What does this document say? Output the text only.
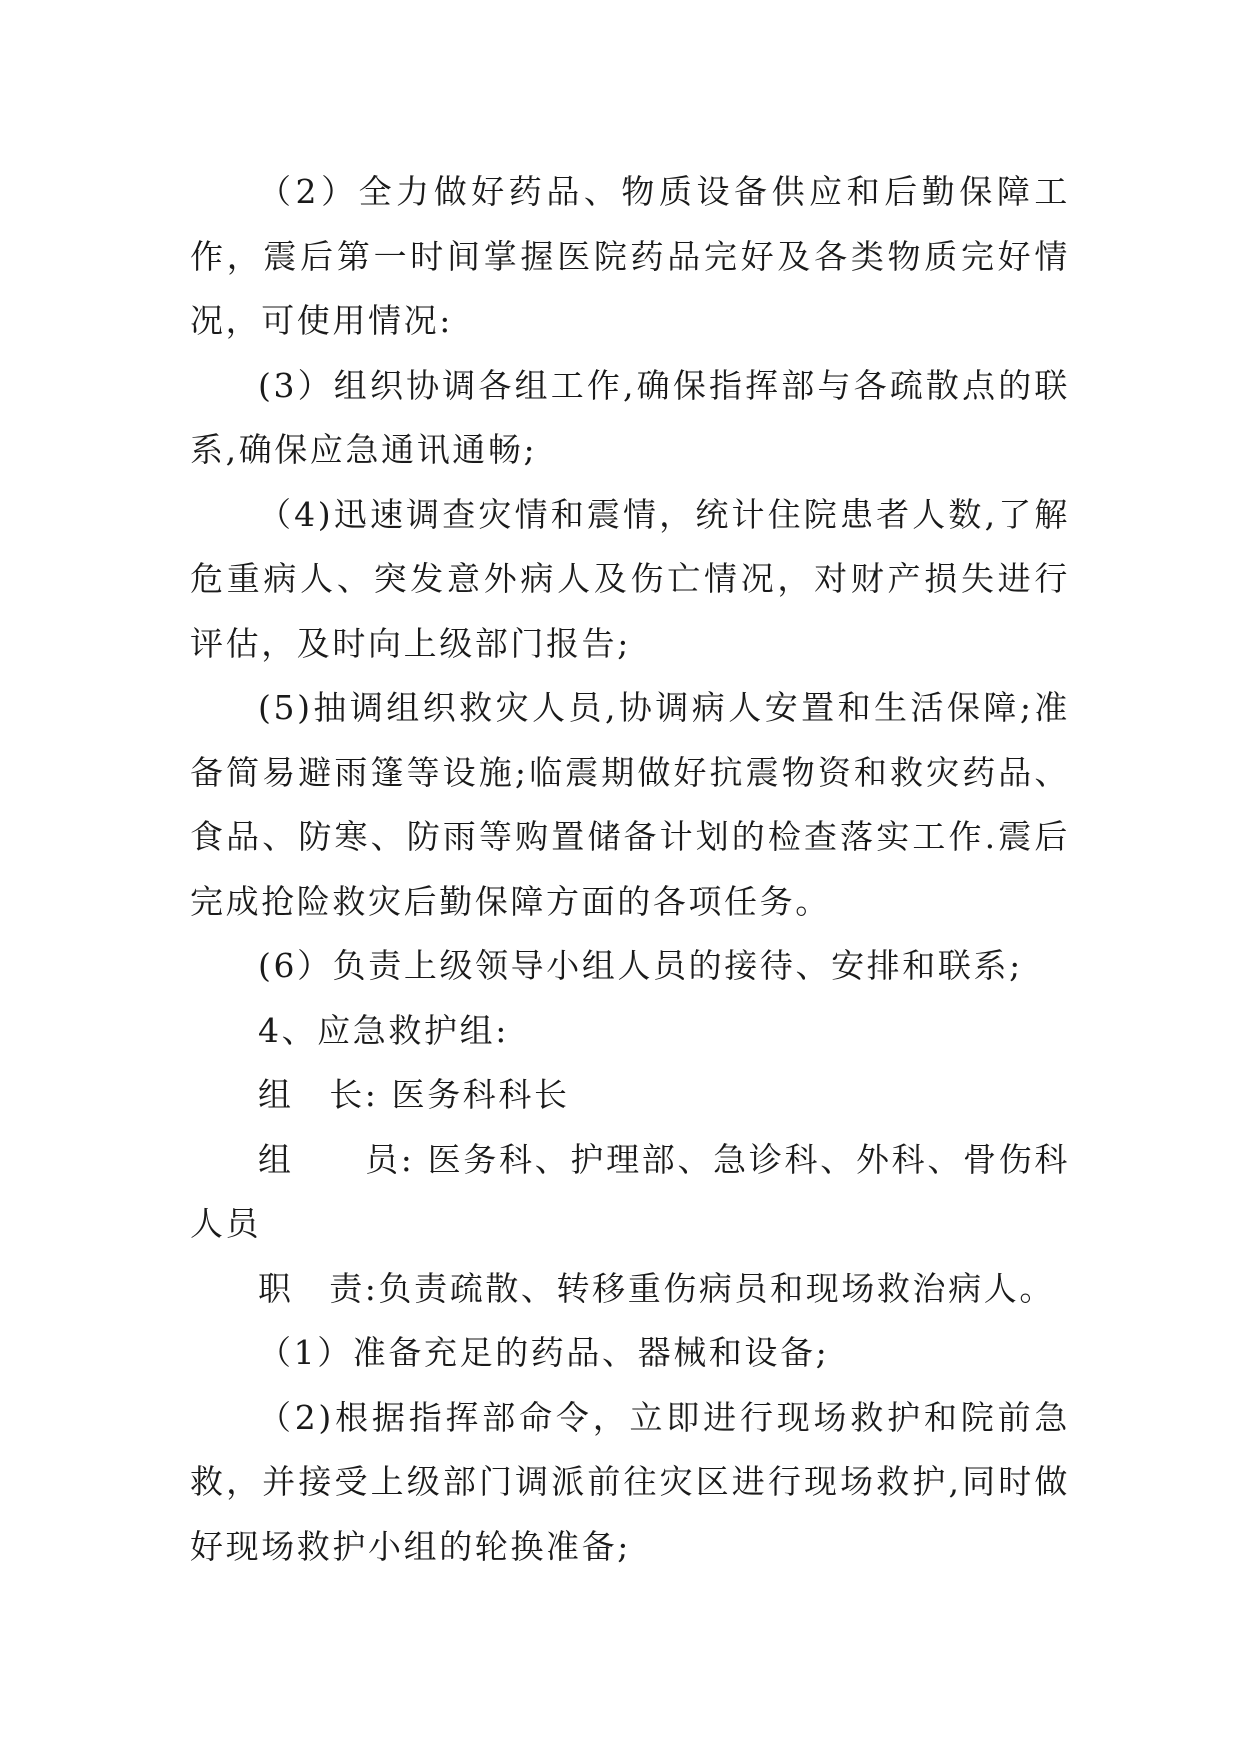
（2）全力做好药品、物质设备供应和后勤保障工作，震后第一时间掌握医院药品完好及各类物质完好情况，可使用情况:

(3）组织协调各组工作,确保指挥部与各疏散点的联系,确保应急通讯通畅;

（4)迅速调查灾情和震情，统计住院患者人数,了解危重病人、突发意外病人及伤亡情况，对财产损失进行评估，及时向上级部门报告;

(5)抽调组织救灾人员,协调病人安置和生活保障;准备简易避雨篷等设施;临震期做好抗震物资和救灾药品、食品、防寒、防雨等购置储备计划的检查落实工作.震后完成抢险救灾后勤保障方面的各项任务。

(6）负责上级领导小组人员的接待、安排和联系;

4、应急救护组:

组　长: 医务科科长

组　　员: 医务科、护理部、急诊科、外科、骨伤科人员

职　责:负责疏散、转移重伤病员和现场救治病人。

（1）准备充足的药品、器械和设备;

（2)根据指挥部命令，立即进行现场救护和院前急救，并接受上级部门调派前往灾区进行现场救护,同时做好现场救护小组的轮换准备;
